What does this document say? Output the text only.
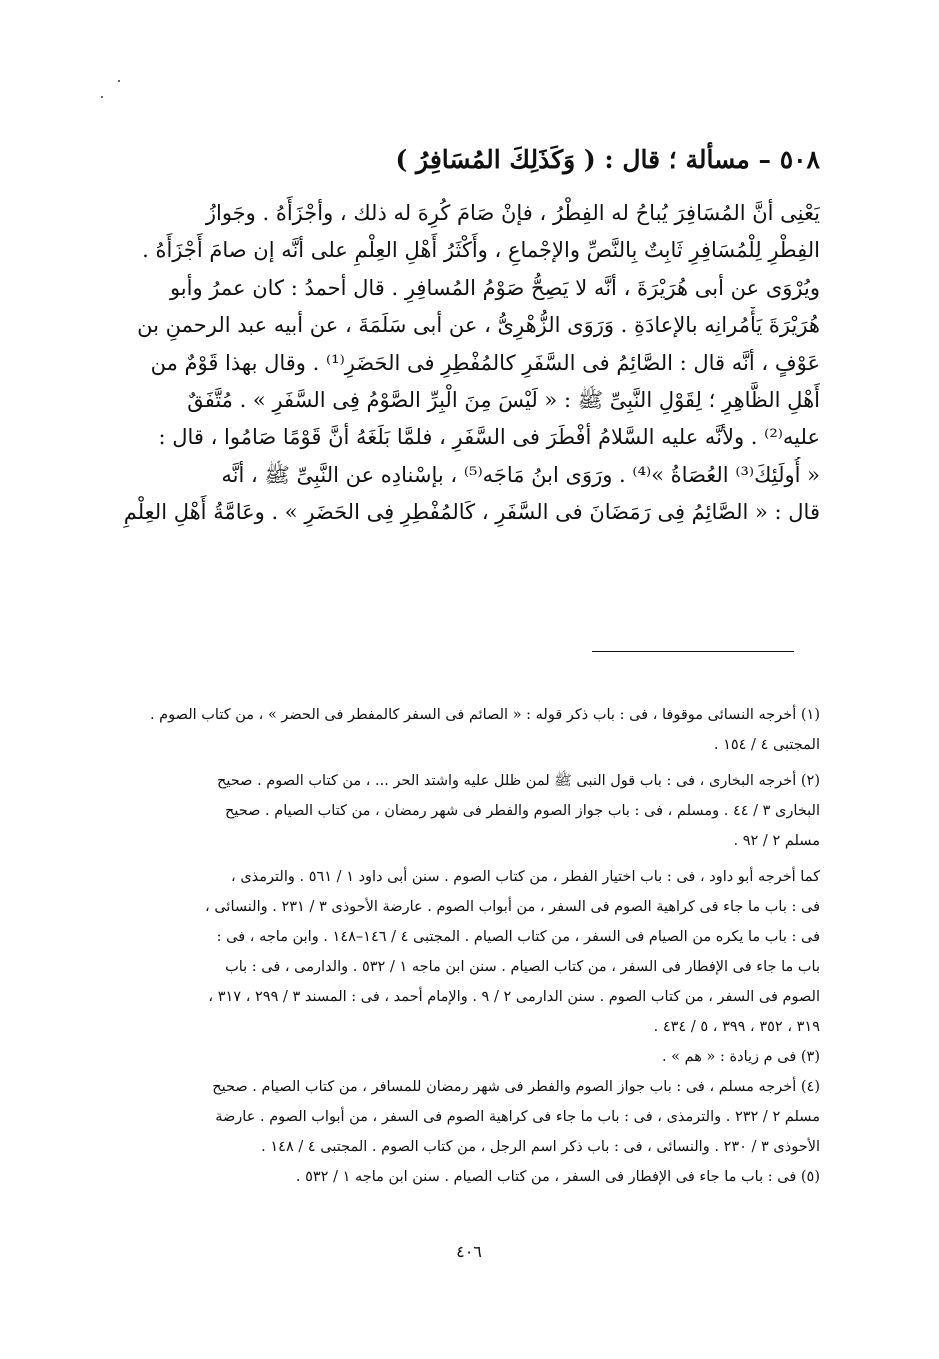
٥٠٨ – مسألة ؛ قال : ( وَكَذَلِكَ المُسَافِرُ )
يَعْنِى أنَّ المُسَافِرَ يُباحُ له الفِطْرُ ، فإنْ صَامَ كُرِهَ له ذلك ، وأجْزَأَهُ . وجَوازُ
الفِطْرِ لِلْمُسَافِرِ ثَابِتٌ بِالنَّصِّ والإجْماعِ ، وأَكْثَرُ أَهْلِ العِلْمِ على أنَّه إن صامَ أَجْزَأَهُ .
ويُرْوَى عن أبى هُرَيْرَةَ ، أنَّه لا يَصِحُّ صَوْمُ المُسافِرِ . قال أحمدُ : كان عمرُ وأبو
هُرَيْرَةَ يَأْمُرانِه بالإعادَةِ . وَرَوَى الزُّهْرِىُّ ، عن أبى سَلَمَةَ ، عن أبيه عبد الرحمنِ بن
عَوْفٍ ، أنَّه قال : الصَّائِمُ فى السَّفَرِ كالمُفْطِرِ فى الحَضَرِ⁽¹⁾ . وقال بهذا قَوْمٌ من
أَهْلِ الظَّاهِرِ ؛ لِقَوْلِ النَّبِىِّ ﷺ : « لَيْسَ مِنَ الْبِرِّ الصَّوْمُ فِى السَّفَرِ » . مُتَّفَقٌ
عليه⁽²⁾ . ولأنَّه عليه السَّلامُ أفْطَرَ فى السَّفَرِ ، فلمَّا بَلَغَهُ أنَّ قَوْمًا صَامُوا ، قال :
« أُولَئِكَ⁽³⁾ العُصَاةُ »⁽⁴⁾ . ورَوَى ابنُ مَاجَه⁽⁵⁾ ، بإسْنادِه عن النَّبِىِّ ﷺ ، أنَّه
قال : « الصَّائِمُ فِى رَمَضَانَ فى السَّفَرِ ، كَالمُفْطِرِ فِى الحَضَرِ » . وعَامَّةُ أَهْلِ العِلْمِ
(١) أخرجه النسائى موقوفا ، فى : باب ذكر قوله : « الصائم فى السفر كالمفطر فى الحضر » ، من كتاب الصوم .
المجتبى ٤ / ١٥٤ .
(٢) أخرجه البخارى ، فى : باب قول النبى ﷺ لمن ظلل عليه واشتد الحر ... ، من كتاب الصوم . صحيح
البخارى ٣ / ٤٤ . ومسلم ، فى : باب جواز الصوم والفطر فى شهر رمضان ، من كتاب الصيام . صحيح
مسلم ٢ / ٩٢ .
كما أخرجه أبو داود ، فى : باب اختيار الفطر ، من كتاب الصوم . سنن أبى داود ١ / ٥٦١ . والترمذى ،
فى : باب ما جاء فى كراهية الصوم فى السفر ، من أبواب الصوم . عارضة الأحوذى ٣ / ٢٣١ . والنسائى ،
فى : باب ما يكره من الصيام فى السفر ، من كتاب الصيام . المجتبى ٤ / ١٤٦–١٤٨ . وابن ماجه ، فى :
باب ما جاء فى الإفطار فى السفر ، من كتاب الصيام . سنن ابن ماجه ١ / ٥٣٢ . والدارمى ، فى : باب
الصوم فى السفر ، من كتاب الصوم . سنن الدارمى ٢ / ٩ . والإمام أحمد ، فى : المسند ٣ / ٢٩٩ ، ٣١٧ ،
٣١٩ ، ٣٥٢ ، ٣٩٩ ، ٥ / ٤٣٤ .
(٣) فى م زيادة : « هم » .
(٤) أخرجه مسلم ، فى : باب جواز الصوم والفطر فى شهر رمضان للمسافر ، من كتاب الصيام . صحيح
مسلم ٢ / ٢٣٢ . والترمذى ، فى : باب ما جاء فى كراهية الصوم فى السفر ، من أبواب الصوم . عارضة
الأحوذى ٣ / ٢٣٠ . والنسائى ، فى : باب ذكر اسم الرجل ، من كتاب الصوم . المجتبى ٤ / ١٤٨ .
(٥) فى : باب ما جاء فى الإفطار فى السفر ، من كتاب الصيام . سنن ابن ماجه ١ / ٥٣٢ .
٤٠٦
